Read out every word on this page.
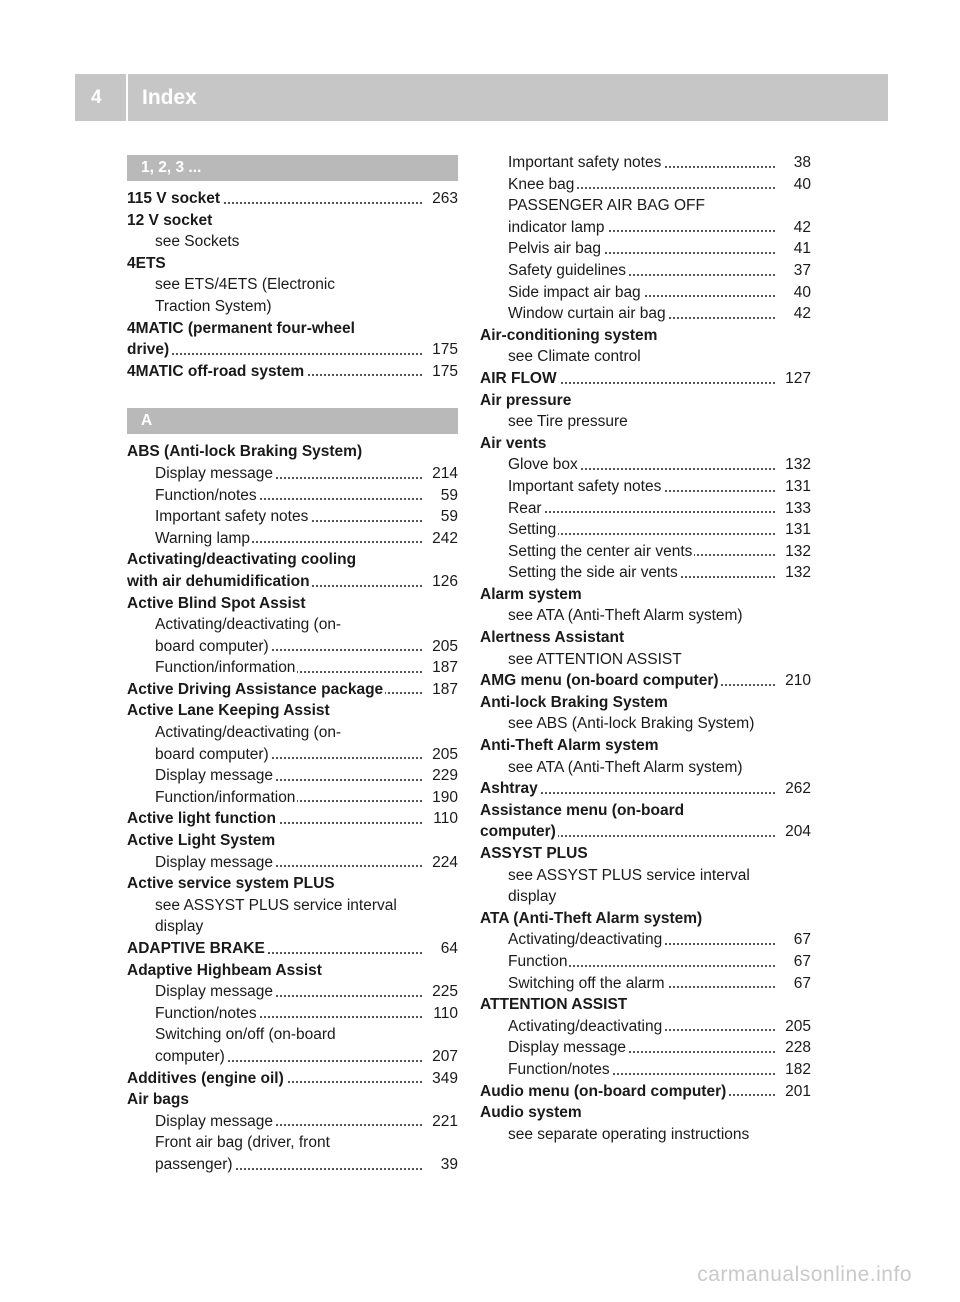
4	Index
1, 2, 3 ...
115 V socket	263
12 V socket
see Sockets
4ETS
see ETS/4ETS (Electronic
Traction System)
4MATIC (permanent four-wheel
drive)	175
4MATIC off-road system	175
A
ABS (Anti-lock Braking System)
Display message	214
Function/notes	59
Important safety notes	59
Warning lamp	242
Activating/deactivating cooling
with air dehumidification	126
Active Blind Spot Assist
Activating/deactivating (on-
board computer)	205
Function/information	187
Active Driving Assistance package	187
Active Lane Keeping Assist
Activating/deactivating (on-
board computer)	205
Display message	229
Function/information	190
Active light function	110
Active Light System
Display message	224
Active service system PLUS
see ASSYST PLUS service interval
display
ADAPTIVE BRAKE	64
Adaptive Highbeam Assist
Display message	225
Function/notes	110
Switching on/off (on-board
computer)	207
Additives (engine oil)	349
Air bags
Display message	221
Front air bag (driver, front
passenger)	39
Important safety notes	38
Knee bag	40
PASSENGER AIR BAG OFF
indicator lamp	42
Pelvis air bag	41
Safety guidelines	37
Side impact air bag	40
Window curtain air bag	42
Air-conditioning system
see Climate control
AIR FLOW	127
Air pressure
see Tire pressure
Air vents
Glove box	132
Important safety notes	131
Rear	133
Setting	131
Setting the center air vents	132
Setting the side air vents	132
Alarm system
see ATA (Anti-Theft Alarm system)
Alertness Assistant
see ATTENTION ASSIST
AMG menu (on-board computer)	210
Anti-lock Braking System
see ABS (Anti-lock Braking System)
Anti-Theft Alarm system
see ATA (Anti-Theft Alarm system)
Ashtray	262
Assistance menu (on-board
computer)	204
ASSYST PLUS
see ASSYST PLUS service interval
display
ATA (Anti-Theft Alarm system)
Activating/deactivating	67
Function	67
Switching off the alarm	67
ATTENTION ASSIST
Activating/deactivating	205
Display message	228
Function/notes	182
Audio menu (on-board computer)	201
Audio system
see separate operating instructions
carmanualsonline.info
